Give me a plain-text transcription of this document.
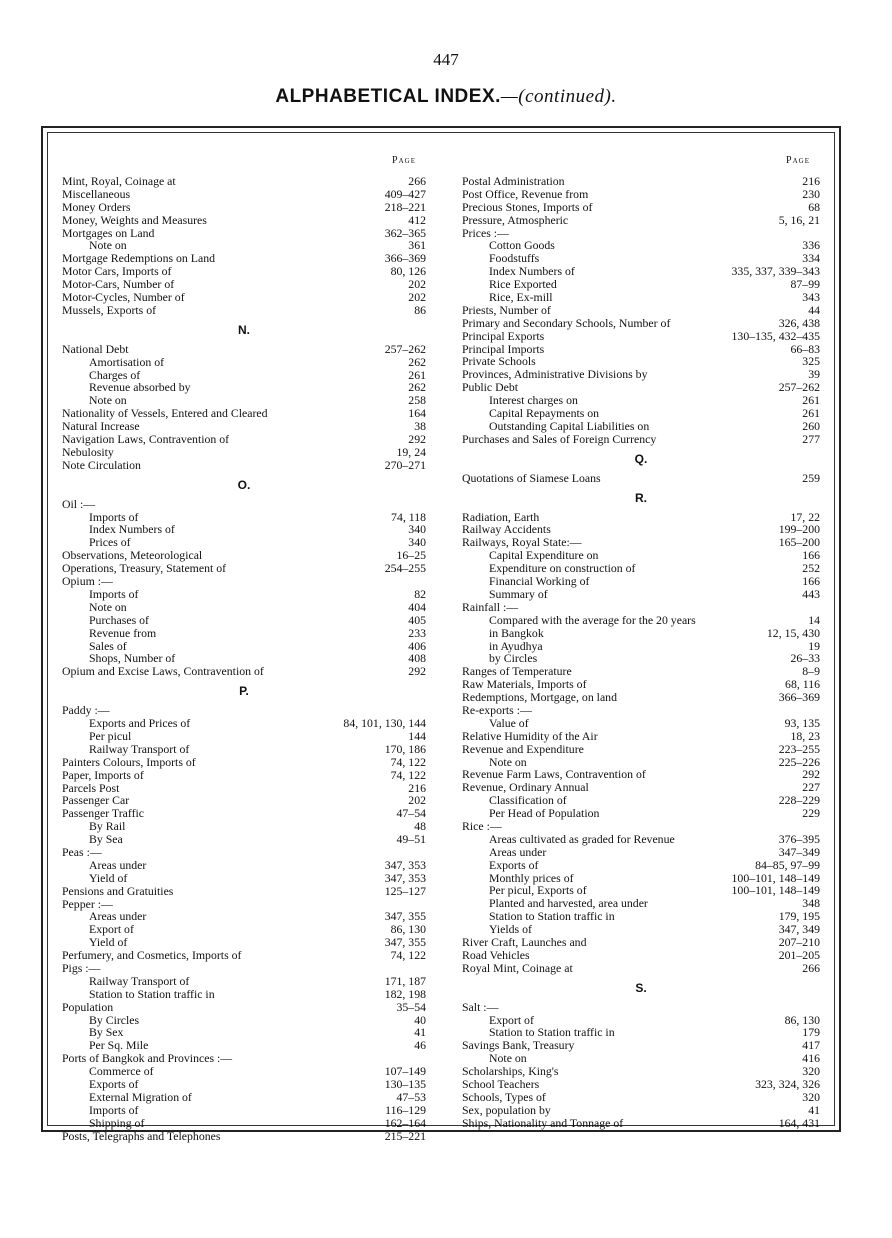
447
ALPHABETICAL INDEX.—(continued).
Page
Mint, Royal, Coinage at	266
Miscellaneous	409–427
Money Orders	218–221
Money, Weights and Measures	412
Mortgages on Land	362–365
Note on	361
Mortgage Redemptions on Land	366–369
Motor Cars, Imports of	80, 126
Motor-Cars, Number of	202
Motor-Cycles, Number of	202
Mussels, Exports of	86
N.
National Debt	257–262
Amortisation of	262
Charges of	261
Revenue absorbed by	262
Note on	258
Nationality of Vessels, Entered and Cleared	164
Natural Increase	38
Navigation Laws, Contravention of	292
Nebulosity	19, 24
Note Circulation	270–271
O.
Oil :—
Imports of	74, 118
Index Numbers of	340
Prices of	340
Observations, Meteorological	16–25
Operations, Treasury, Statement of	254–255
Opium :—
Imports of	82
Note on	404
Purchases of	405
Revenue from	233
Sales of	406
Shops, Number of	408
Opium and Excise Laws, Contravention of	292
P.
Paddy :—
Exports and Prices of	84, 101, 130, 144
Per picul	144
Railway Transport of	170, 186
Painters Colours, Imports of	74, 122
Paper, Imports of	74, 122
Parcels Post	216
Passenger Car	202
Passenger Traffic	47–54
By Rail	48
By Sea	49–51
Peas :—
Areas under	347, 353
Yield of	347, 353
Pensions and Gratuities	125–127
Pepper :—
Areas under	347, 355
Export of	86, 130
Yield of	347, 355
Perfumery, and Cosmetics, Imports of	74, 122
Pigs :—
Railway Transport of	171, 187
Station to Station traffic in	182, 198
Population	35–54
By Circles	40
By Sex	41
Per Sq. Mile	46
Ports of Bangkok and Provinces :—
Commerce of	107–149
Exports of	130–135
External Migration of	47–53
Imports of	116–129
Shipping of	162–164
Posts, Telegraphs and Telephones	215–221
Page
Postal Administration	216
Post Office, Revenue from	230
Precious Stones, Imports of	68
Pressure, Atmospheric	5, 16, 21
Prices :—
Cotton Goods	336
Foodstuffs	334
Index Numbers of	335, 337, 339–343
Rice Exported	87–99
Rice, Ex-mill	343
Priests, Number of	44
Primary and Secondary Schools, Number of	326, 438
Principal Exports	130–135, 432–435
Principal Imports	66–83
Private Schools	325
Provinces, Administrative Divisions by	39
Public Debt	257–262
Interest charges on	261
Capital Repayments on	261
Outstanding Capital Liabilities on	260
Purchases and Sales of Foreign Currency	277
Q.
Quotations of Siamese Loans	259
R.
Radiation, Earth	17, 22
Railway Accidents	199–200
Railways, Royal State:—	165–200
Capital Expenditure on	166
Expenditure on construction of	252
Financial Working of	166
Summary of	443
Rainfall :—
Compared with the average for the 20 years	14
in Bangkok	12, 15, 430
in Ayudhya	19
by Circles	26–33
Ranges of Temperature	8–9
Raw Materials, Imports of	68, 116
Redemptions, Mortgage, on land	366–369
Re-exports :—
Value of	93, 135
Relative Humidity of the Air	18, 23
Revenue and Expenditure	223–255
Note on	225–226
Revenue Farm Laws, Contravention of	292
Revenue, Ordinary Annual	227
Classification of	228–229
Per Head of Population	229
Rice :—
Areas cultivated as graded for Revenue	376–395
Areas under	347–349
Exports of	84–85, 97–99
Monthly prices of	100–101, 148–149
Per picul, Exports of	100–101, 148–149
Planted and harvested, area under	348
Station to Station traffic in	179, 195
Yields of	347, 349
River Craft, Launches and	207–210
Road Vehicles	201–205
Royal Mint, Coinage at	266
S.
Salt :—
Export of	86, 130
Station to Station traffic in	179
Savings Bank, Treasury	417
Note on	416
Scholarships, King's	320
School Teachers	323, 324, 326
Schools, Types of	320
Sex, population by	41
Ships, Nationality and Tonnage of	164, 431
